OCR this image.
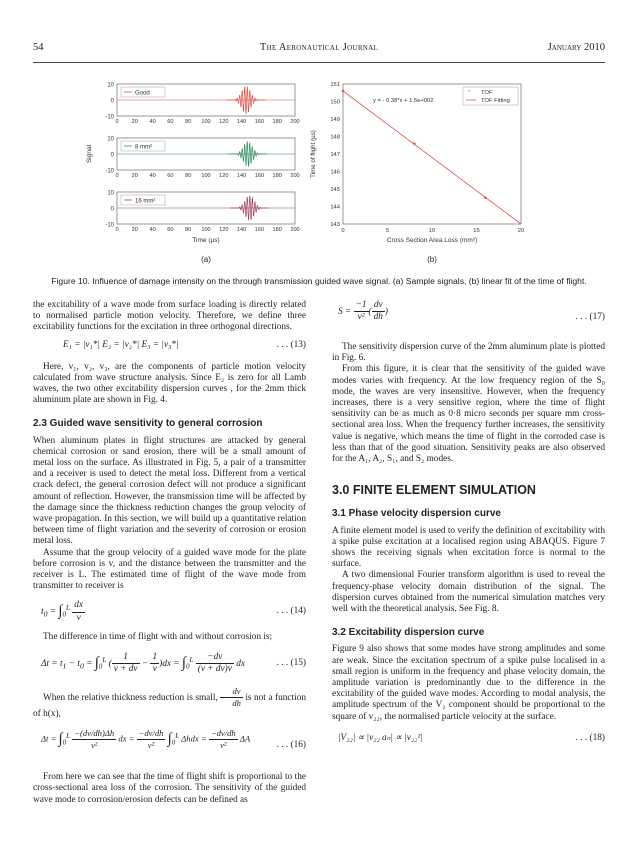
54	The Aeronautical Journal	January 2010
10
0
-10
Good
0 20 40 60 80 100 120 140 160 180 200
10
0
-10
8 mm²
0 20 40 60 80 100 120 140 160 180 200
10
0
-10
16 mm²
0 20 40 60 80 100 120 140 160 180 200
Signal
Time (µs)
(a)
151
150
149
148
147
146
145
144
143
0	5	10	15	20
y = - 0.38*x + 1.5e+002
* TOF
TOF Fitting
Time of flight (µs)
Cross Section Area Loss (mm²)
(b)
Figure 10. Influence of damage intensity on the through transmission guided wave signal. (a) Sample signals, (b) linear fit of the time of flight.

the excitability of a wave mode from surface loading is directly related to normalised particle motion velocity. Therefore, we define three excitability functions for the excitation in three orthogonal directions.

E₁ = |v₁*| E₂ = |v₂*| E₃ = |v₃*|	. . . (13)

Here, v₁, v₂, v₃, are the components of particle motion velocity calculated from wave structure analysis. Since E₂ is zero for all Lamb waves, the two other excitability dispersion curves , for the 2mm thick aluminum plate are shown in Fig. 4.

2.3 Guided wave sensitivity to general corrosion

When aluminum plates in flight structures are attacked by general chemical corrosion or sand erosion, there will be a small amount of metal loss on the surface. As illustrated in Fig. 5, a pair of a transmitter and a receiver is used to detect the metal loss. Different from a vertical crack defect, the general corrosion defect will not produce a significant amount of reflection. However, the transmission time will be affected by the damage since the thickness reduction changes the group velocity of wave propagation. In this section, we will build up a quantitative relation between time of flight variation and the severity of corrosion or erosion metal loss.

Assume that the group velocity of a guided wave mode for the plate before corrosion is v, and the distance between the transmitter and the receiver is L. The estimated time of flight of the wave mode from transmitter to receiver is

$t_0 = \int_0^L \frac{dx}{v}$	. . . (14)

The difference in time of flight with and without corrosion is;

$\Delta t = t_1 - t_0 = \int_0^L$ ( $\frac{1}{v + dv} - \frac{1}{v} )dx = \int_0^L \frac{-dv}{(v + dv)v}$ dx	. . . (15)

When the relative thickness reduction is small, $\frac{dv}{dh}$ is not a function of h(x),

$\Delta t = \int_0^L \frac{-(dv/dh)\Delta h}{\text{v²}}$ dx = $\frac{-dv/dh}{\text{v²}} \int_0^L$ $\Delta hdx = \frac{-dv/dh}{\text{v²}}$ ΔA
. . . (16)

From here we can see that the time of flight shift is proportional to the cross-sectional area loss of the corrosion. The sensitivity of the guided wave mode to corrosion/erosion defects can be defined as

$S = \frac{-1}{\text{v²}}$ ( $\frac{dv}{dh}$ )
. . . (17)

The sensitivity dispersion curve of the 2mm aluminum plate is plotted in Fig. 6.

From this figure, it is clear that the sensitivity of the guided wave modes varies with frequency. At the low frequency region of the S₀ mode, the waves are very insensitive. However, when the frequency increases, there is a very sensitive region, where the time of flight sensitivity can be as much as 0·8 micro seconds per square mm cross-sectional area loss. When the frequency further increases, the sensitivity value is negative, which means the time of flight in the corroded case is less than that of the good situation. Sensitivity peaks are also observed for the A₁, A₂, S₁, and S₂ modes.

3.0 FINITE ELEMENT SIMULATION
3.1 Phase velocity dispersion curve

A finite element model is used to verify the definition of excitability with a spike pulse excitation at a localised region using ABAQUS. Figure 7 shows the receiving signals when excitation force is normal to the surface.

A two dimensional Fourier transform algorithm is used to reveal the frequency-phase velocity domain distribution of the signal. The dispersion curves obtained from the numerical simulation matches very well with the theoretical analysis. See Fig. 8.

3.2 Excitability dispersion curve

Figure 9 also shows that some modes have strong amplitudes and some are weak. Since the excitation spectrum of a spike pulse localised in a small region is uniform in the frequency and phase velocity domain, the amplitude variation is predominantly due to the difference in the excitability of the guided wave modes. According to modal analysis, the amplitude spectrum of the V₂ component should be proportional to the square of v₂₂, the normalised particle velocity at the surface.

|V₂₂| ∝ |v₂₂ aₙ| ∝ |v₂₂²|	. . . (18)
